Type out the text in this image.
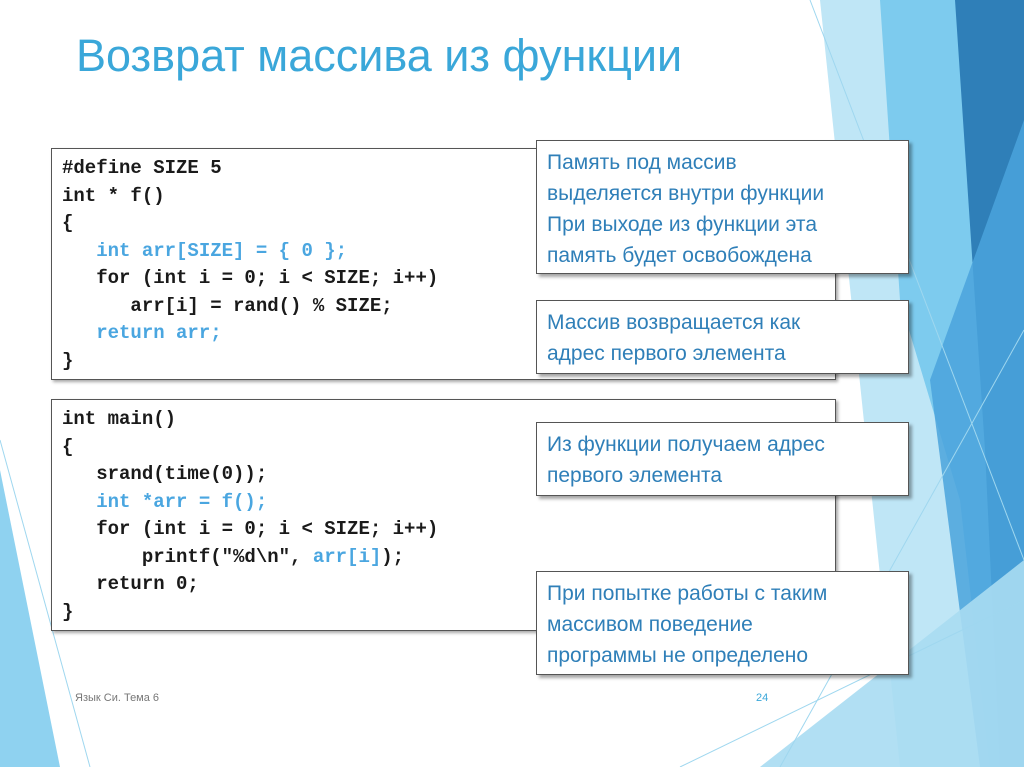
Возврат массива из функции
#define SIZE 5
int * f()
{
int arr[SIZE] = { 0 };
for (int i = 0; i < SIZE; i++)
arr[i] = rand() % SIZE;
return arr;
}
int main()
{
srand(time(0));
int *arr = f();
for (int i = 0; i < SIZE; i++)
printf("%d\n", arr[i]);
return 0;
}
Память под массив
выделяется внутри функции
При выходе из функции эта
память будет освобождена
Массив возвращается как
адрес первого элемента
Из функции получаем адрес
первого элемента
При попытке работы с таким
массивом поведение
программы не определено
Язык Си. Тема 6	24
